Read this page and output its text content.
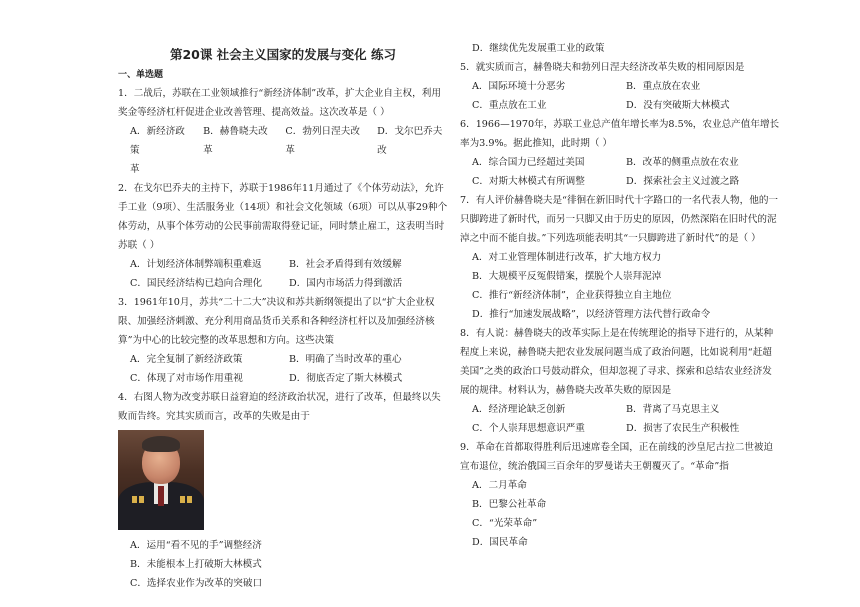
第20课 社会主义国家的发展与变化 练习
一、单选题

1．二战后，苏联在工业领域推行“新经济体制”改革，扩大企业自主权，利用奖金等经济杠杆促进企业改善管理、提高效益。这次改革是（ ）

A．新经济政策
B．赫鲁晓夫改革
C．勃列日涅夫改革
D．戈尔巴乔夫改
革

2．在戈尔巴乔夫的主持下，苏联于1986年11月通过了《个体劳动法》，允许手工业（9项）、生活服务业（14项）和社会文化领域（6项）可以从事29种个体劳动，从事个体劳动的公民事前需取得登记证，同时禁止雇工，这表明当时苏联（ ）

A．计划经济体制弊端积重难返	B．社会矛盾得到有效缓解
C．国民经济结构已趋向合理化	D．国内市场活力得到激活

3．1961年10月，苏共“二十二大”决议和苏共新纲领提出了以“扩大企业权限、加强经济刺激、充分利用商品货币关系和各种经济杠杆以及加强经济核算”为中心的比较完整的改革思想和方向。这些决策

A．完全复制了新经济政策	B．明确了当时改革的重心
C．体现了对市场作用重视	D．彻底否定了斯大林模式

4．右图人物为改变苏联日益窘迫的经济政治状况，进行了改革，但最终以失败而告终。究其实质而言，改革的失败是由于

A．运用“看不见的手”调整经济
B．未能根本上打破斯大林模式
C．选择农业作为改革的突破口
D．继续优先发展重工业的政策

5．就实质而言，赫鲁晓夫和勃列日涅夫经济改革失败的相同原因是

A．国际环境十分恶劣	B．重点放在农业
C．重点放在工业	D．没有突破斯大林模式

6．1966—1970年，苏联工业总产值年增长率为8.5%，农业总产值年增长率为3.9%。据此推知，此时期（ ）

A．综合国力已经超过美国	B．改革的侧重点放在农业
C．对斯大林模式有所调整	D．探索社会主义过渡之路

7．有人评价赫鲁晓夫是“徘徊在新旧时代十字路口的一名代表人物，他的一只脚跨进了新时代，而另一只脚又由于历史的原因，仍然深陷在旧时代的泥淖之中而不能自拔。”下列选项能表明其“一只脚跨进了新时代”的是（ ）

A．对工业管理体制进行改革，扩大地方权力
B．大规模平反冤假错案，摆脱个人崇拜泥淖
C．推行“新经济体制”，企业获得独立自主地位
D．推行“加速发展战略”，以经济管理方法代替行政命令

8．有人说：赫鲁晓夫的改革实际上是在传统理论的指导下进行的，从某种程度上来说，赫鲁晓夫把农业发展问题当成了政治问题，比如说利用“赶超美国”之类的政治口号鼓动群众，但却忽视了寻求、探索和总结农业经济发展的规律。材料认为，赫鲁晓夫改革失败的原因是

A．经济理论缺乏创新	B．背离了马克思主义
C．个人崇拜思想意识严重	D．损害了农民生产积极性

9．革命在首都取得胜利后迅速席卷全国，正在前线的沙皇尼古拉二世被迫宣布退位，统治俄国三百余年的罗曼诺夫王朝覆灭了。“革命”指

A．二月革命
B．巴黎公社革命
C．“光荣革命”
D．国民革命
